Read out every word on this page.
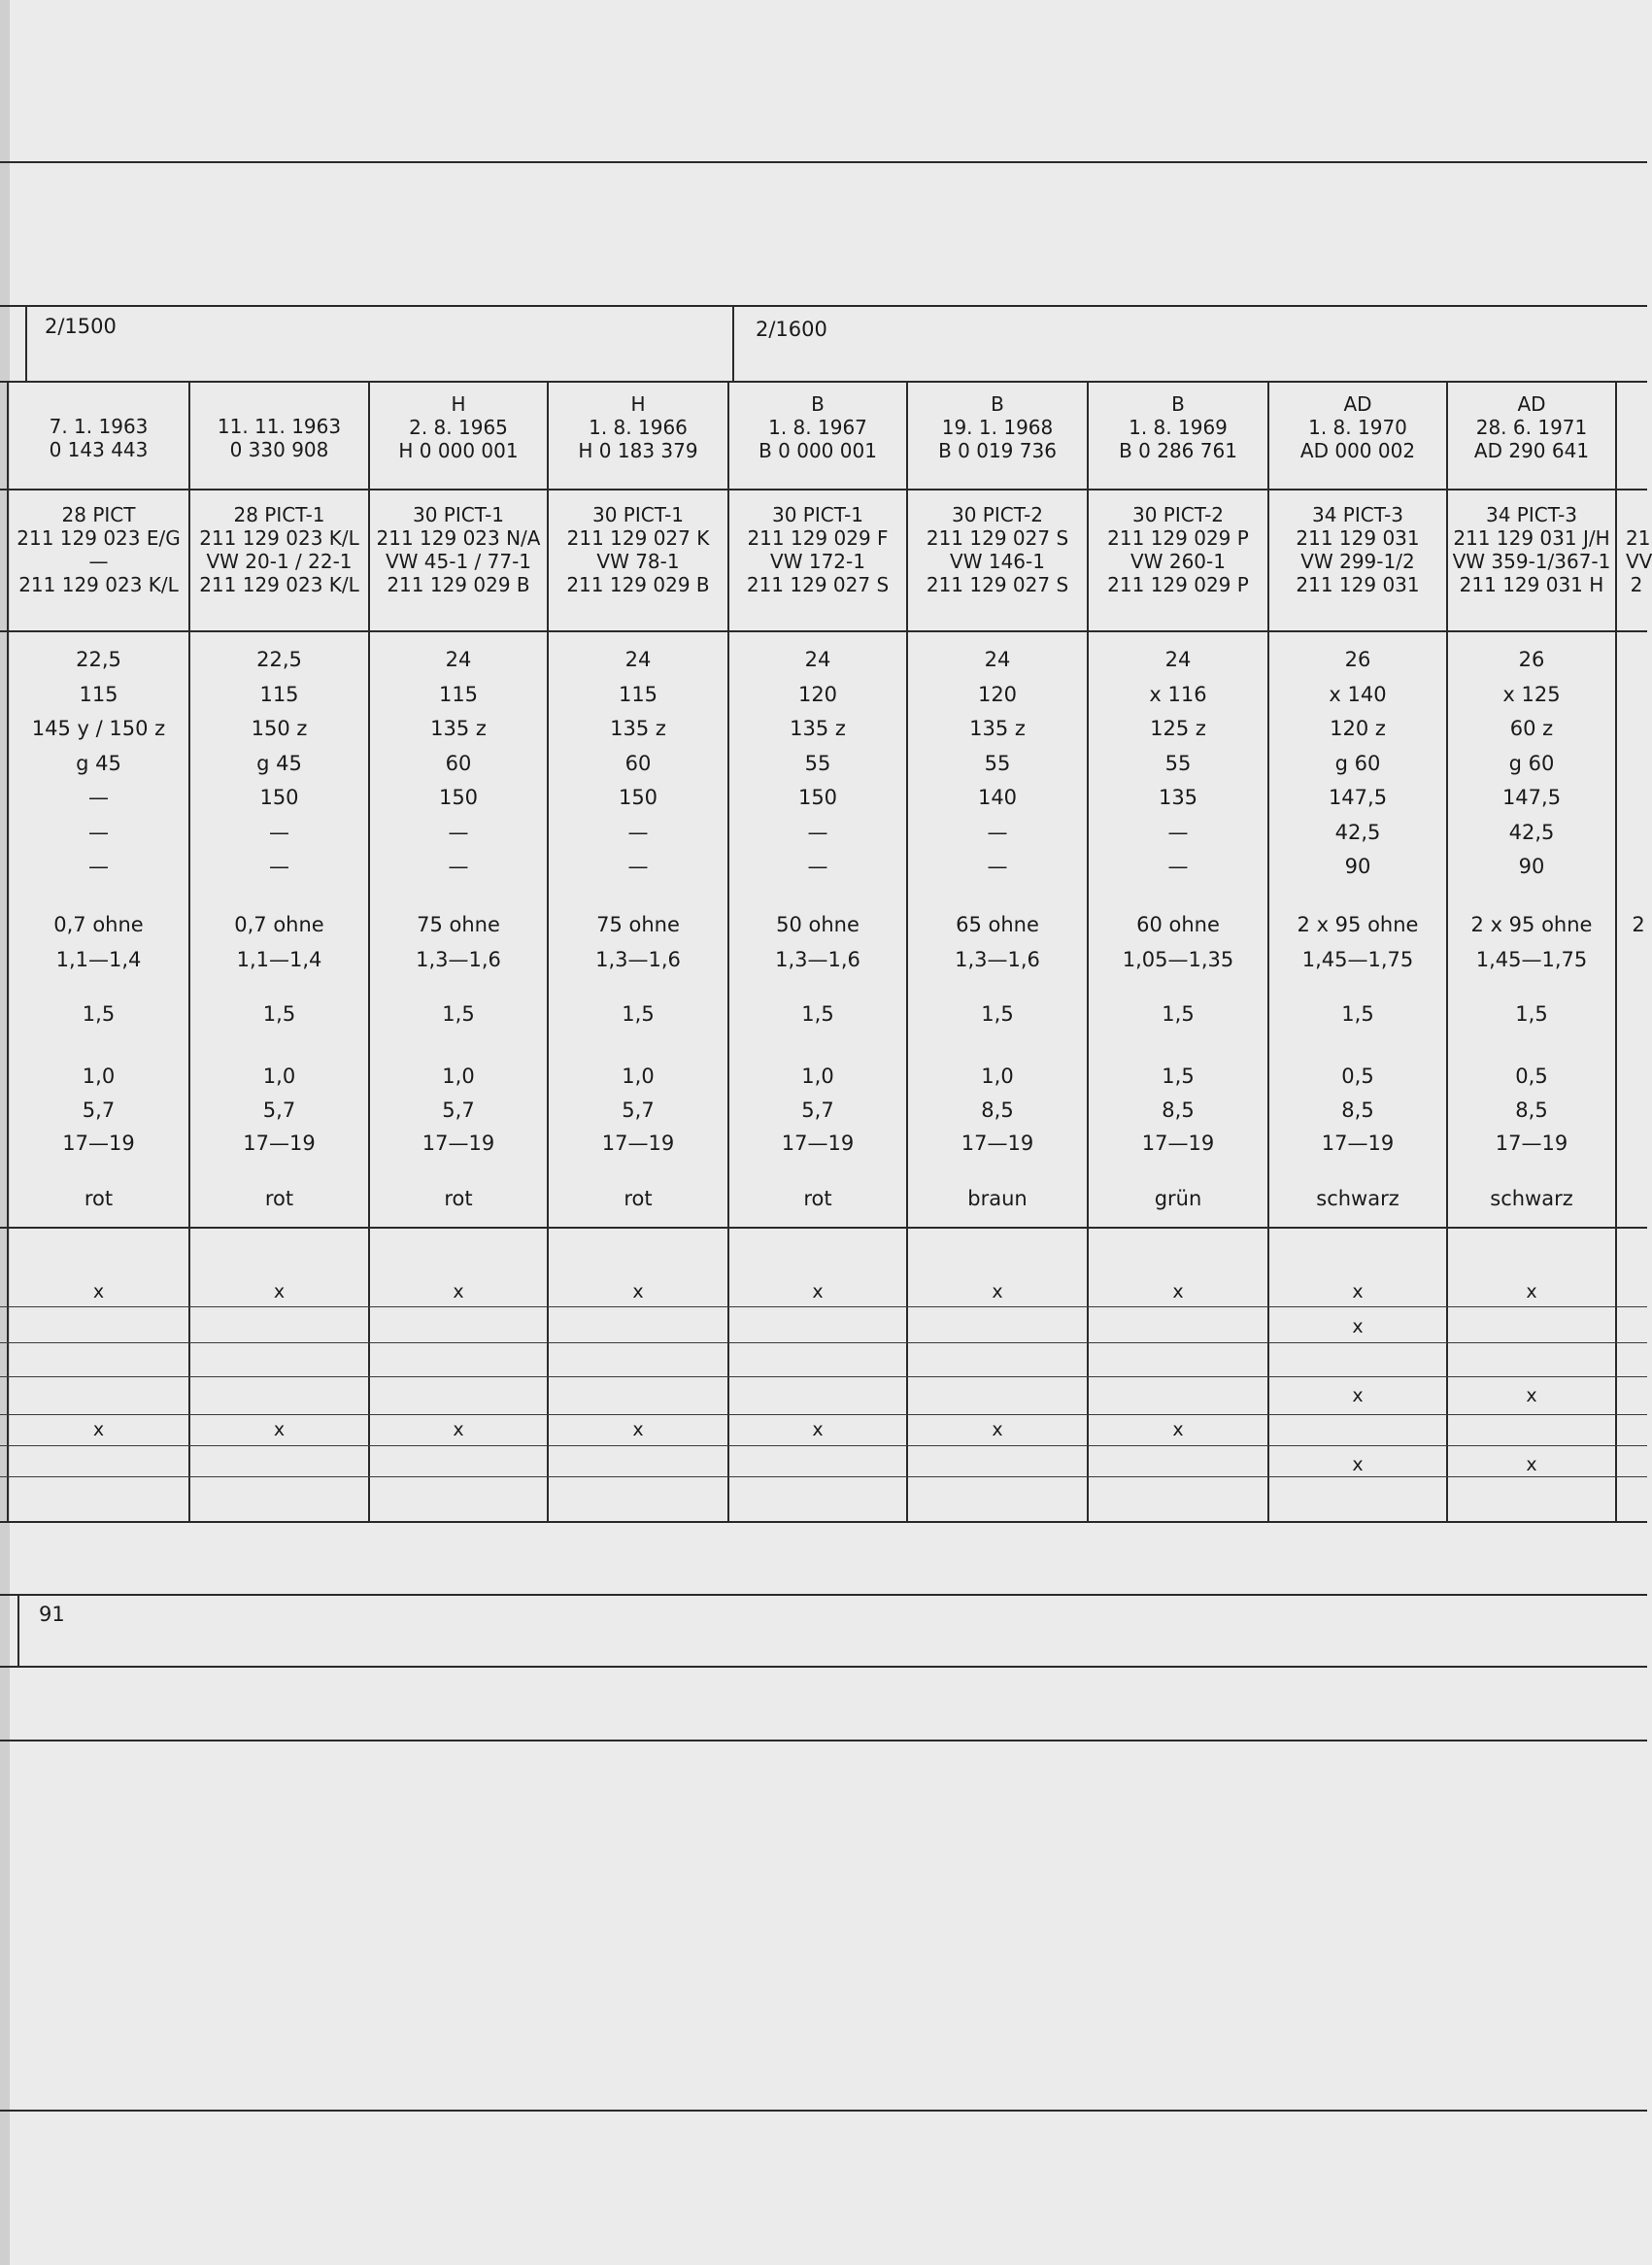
2/1500	2/1600
91
7. 1. 1963
0 143 443
28 PICT
211 129 023 E/G
—
211 129 023 K/L
22,5
115
145 y / 150 z
g 45
—
—
—
0,7 ohne
1,1—1,4
1,5
1,0
5,7
17—19
rot
x
x
11. 11. 1963
0 330 908
28 PICT-1
211 129 023 K/L
VW 20-1 / 22-1
211 129 023 K/L
22,5
115
150 z
g 45
150
—
—
0,7 ohne
1,1—1,4
1,5
1,0
5,7
17—19
rot
x
x
H
2. 8. 1965
H 0 000 001
30 PICT-1
211 129 023 N/A
VW 45-1 / 77-1
211 129 029 B
24
115
135 z
60
150
—
—
75 ohne
1,3—1,6
1,5
1,0
5,7
17—19
rot
x
x
H
1. 8. 1966
H 0 183 379
30 PICT-1
211 129 027 K
VW 78-1
211 129 029 B
24
115
135 z
60
150
—
—
75 ohne
1,3—1,6
1,5
1,0
5,7
17—19
rot
x
x
B
1. 8. 1967
B 0 000 001
30 PICT-1
211 129 029 F
VW 172-1
211 129 027 S
24
120
135 z
55
150
—
—
50 ohne
1,3—1,6
1,5
1,0
5,7
17—19
rot
x
x
B
19. 1. 1968
B 0 019 736
30 PICT-2
211 129 027 S
VW 146-1
211 129 027 S
24
120
135 z
55
140
—
—
65 ohne
1,3—1,6
1,5
1,0
8,5
17—19
braun
x
x
B
1. 8. 1969
B 0 286 761
30 PICT-2
211 129 029 P
VW 260-1
211 129 029 P
24
x 116
125 z
55
135
—
—
60 ohne
1,05—1,35
1,5
1,5
8,5
17—19
grün
x
x
AD
1. 8. 1970
AD 000 002
34 PICT-3
211 129 031
VW 299-1/2
211 129 031
26
x 140
120 z
g 60
147,5
42,5
90
2 x 95 ohne
1,45—1,75
1,5
0,5
8,5
17—19
schwarz
x
x
x
x
AD
28. 6. 1971
AD 290 641
34 PICT-3
211 129 031 J/H
VW 359-1/367-1
211 129 031 H
26
x 125
60 z
g 60
147,5
42,5
90
2 x 95 ohne
1,45—1,75
1,5
0,5
8,5
17—19
schwarz
x
x
x
21
VV
2
2
